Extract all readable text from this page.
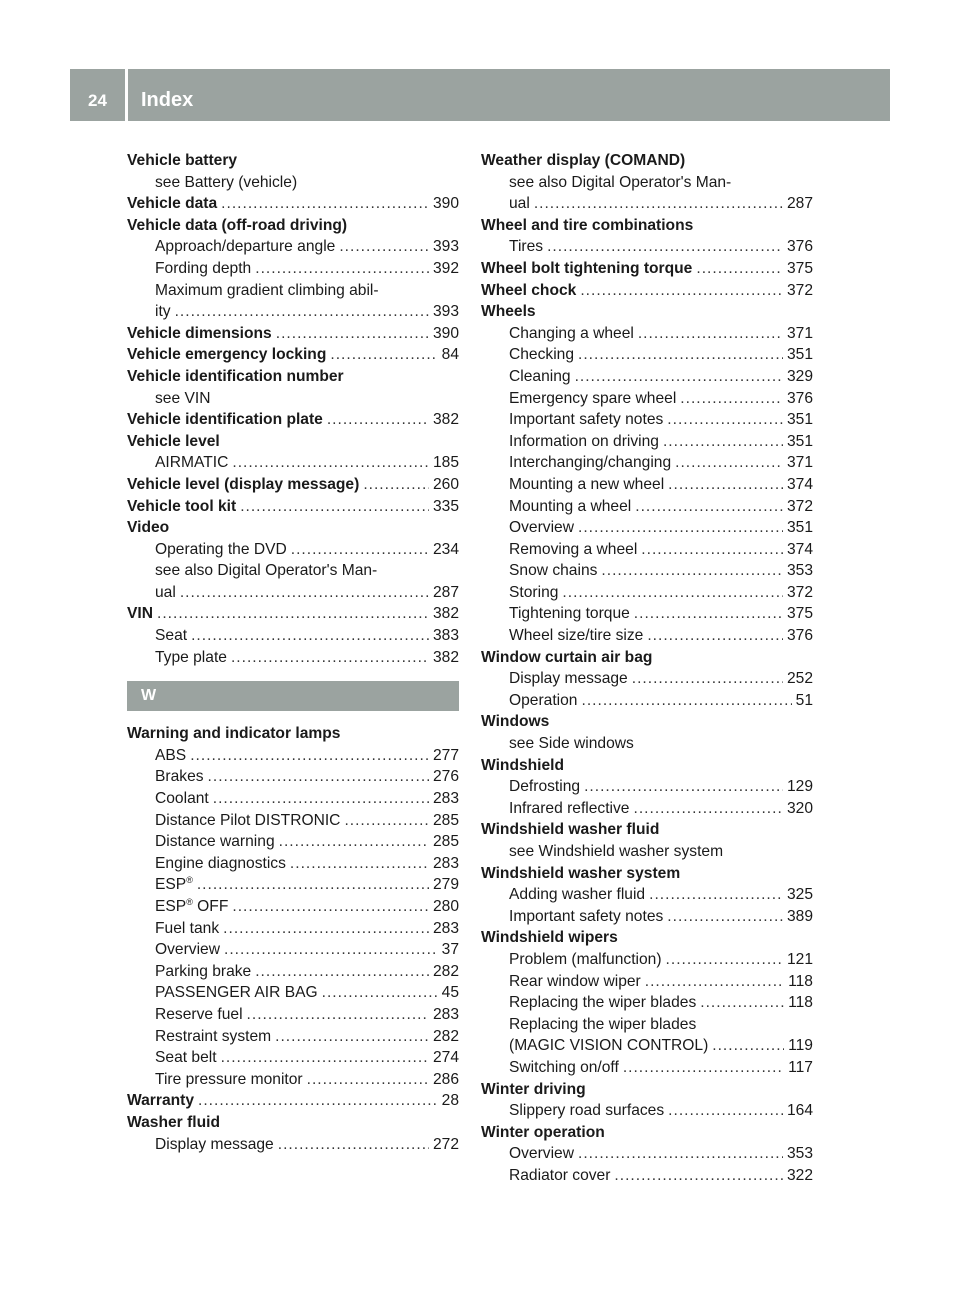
24	Index
Vehicle battery
see Battery (vehicle)
Vehicle data .....	390
Vehicle data (off-road driving)
Approach/departure angle .....	393
Fording depth .....	392
Maximum gradient climbing abil-
ity .....	393
Vehicle dimensions .....	390
Vehicle emergency locking .....	84
Vehicle identification number
see VIN
Vehicle identification plate .....	382
Vehicle level
AIRMATIC .....	185
Vehicle level (display message) .....	260
Vehicle tool kit .....	335
Video
Operating the DVD .....	234
see also Digital Operator's Man-
ual .....	287
VIN .....	382
Seat .....	383
Type plate .....	382
W
Warning and indicator lamps
ABS .....	277
Brakes .....	276
Coolant .....	283
Distance Pilot DISTRONIC .....	285
Distance warning .....	285
Engine diagnostics .....	283
ESP® .....	279
ESP® OFF .....	280
Fuel tank .....	283
Overview .....	37
Parking brake .....	282
PASSENGER AIR BAG .....	45
Reserve fuel .....	283
Restraint system .....	282
Seat belt .....	274
Tire pressure monitor .....	286
Warranty .....	28
Washer fluid
Display message .....	272
Weather display (COMAND)
see also Digital Operator's Man-
ual .....	287
Wheel and tire combinations
Tires .....	376
Wheel bolt tightening torque .....	375
Wheel chock .....	372
Wheels
Changing a wheel .....	371
Checking .....	351
Cleaning .....	329
Emergency spare wheel .....	376
Important safety notes .....	351
Information on driving .....	351
Interchanging/changing .....	371
Mounting a new wheel .....	374
Mounting a wheel .....	372
Overview .....	351
Removing a wheel .....	374
Snow chains .....	353
Storing .....	372
Tightening torque .....	375
Wheel size/tire size .....	376
Window curtain air bag
Display message .....	252
Operation .....	51
Windows
see Side windows
Windshield
Defrosting .....	129
Infrared reflective .....	320
Windshield washer fluid
see Windshield washer system
Windshield washer system
Adding washer fluid .....	325
Important safety notes .....	389
Windshield wipers
Problem (malfunction) .....	121
Rear window wiper .....	118
Replacing the wiper blades .....	118
Replacing the wiper blades
(MAGIC VISION CONTROL) .....	119
Switching on/off .....	117
Winter driving
Slippery road surfaces .....	164
Winter operation
Overview .....	353
Radiator cover .....	322
